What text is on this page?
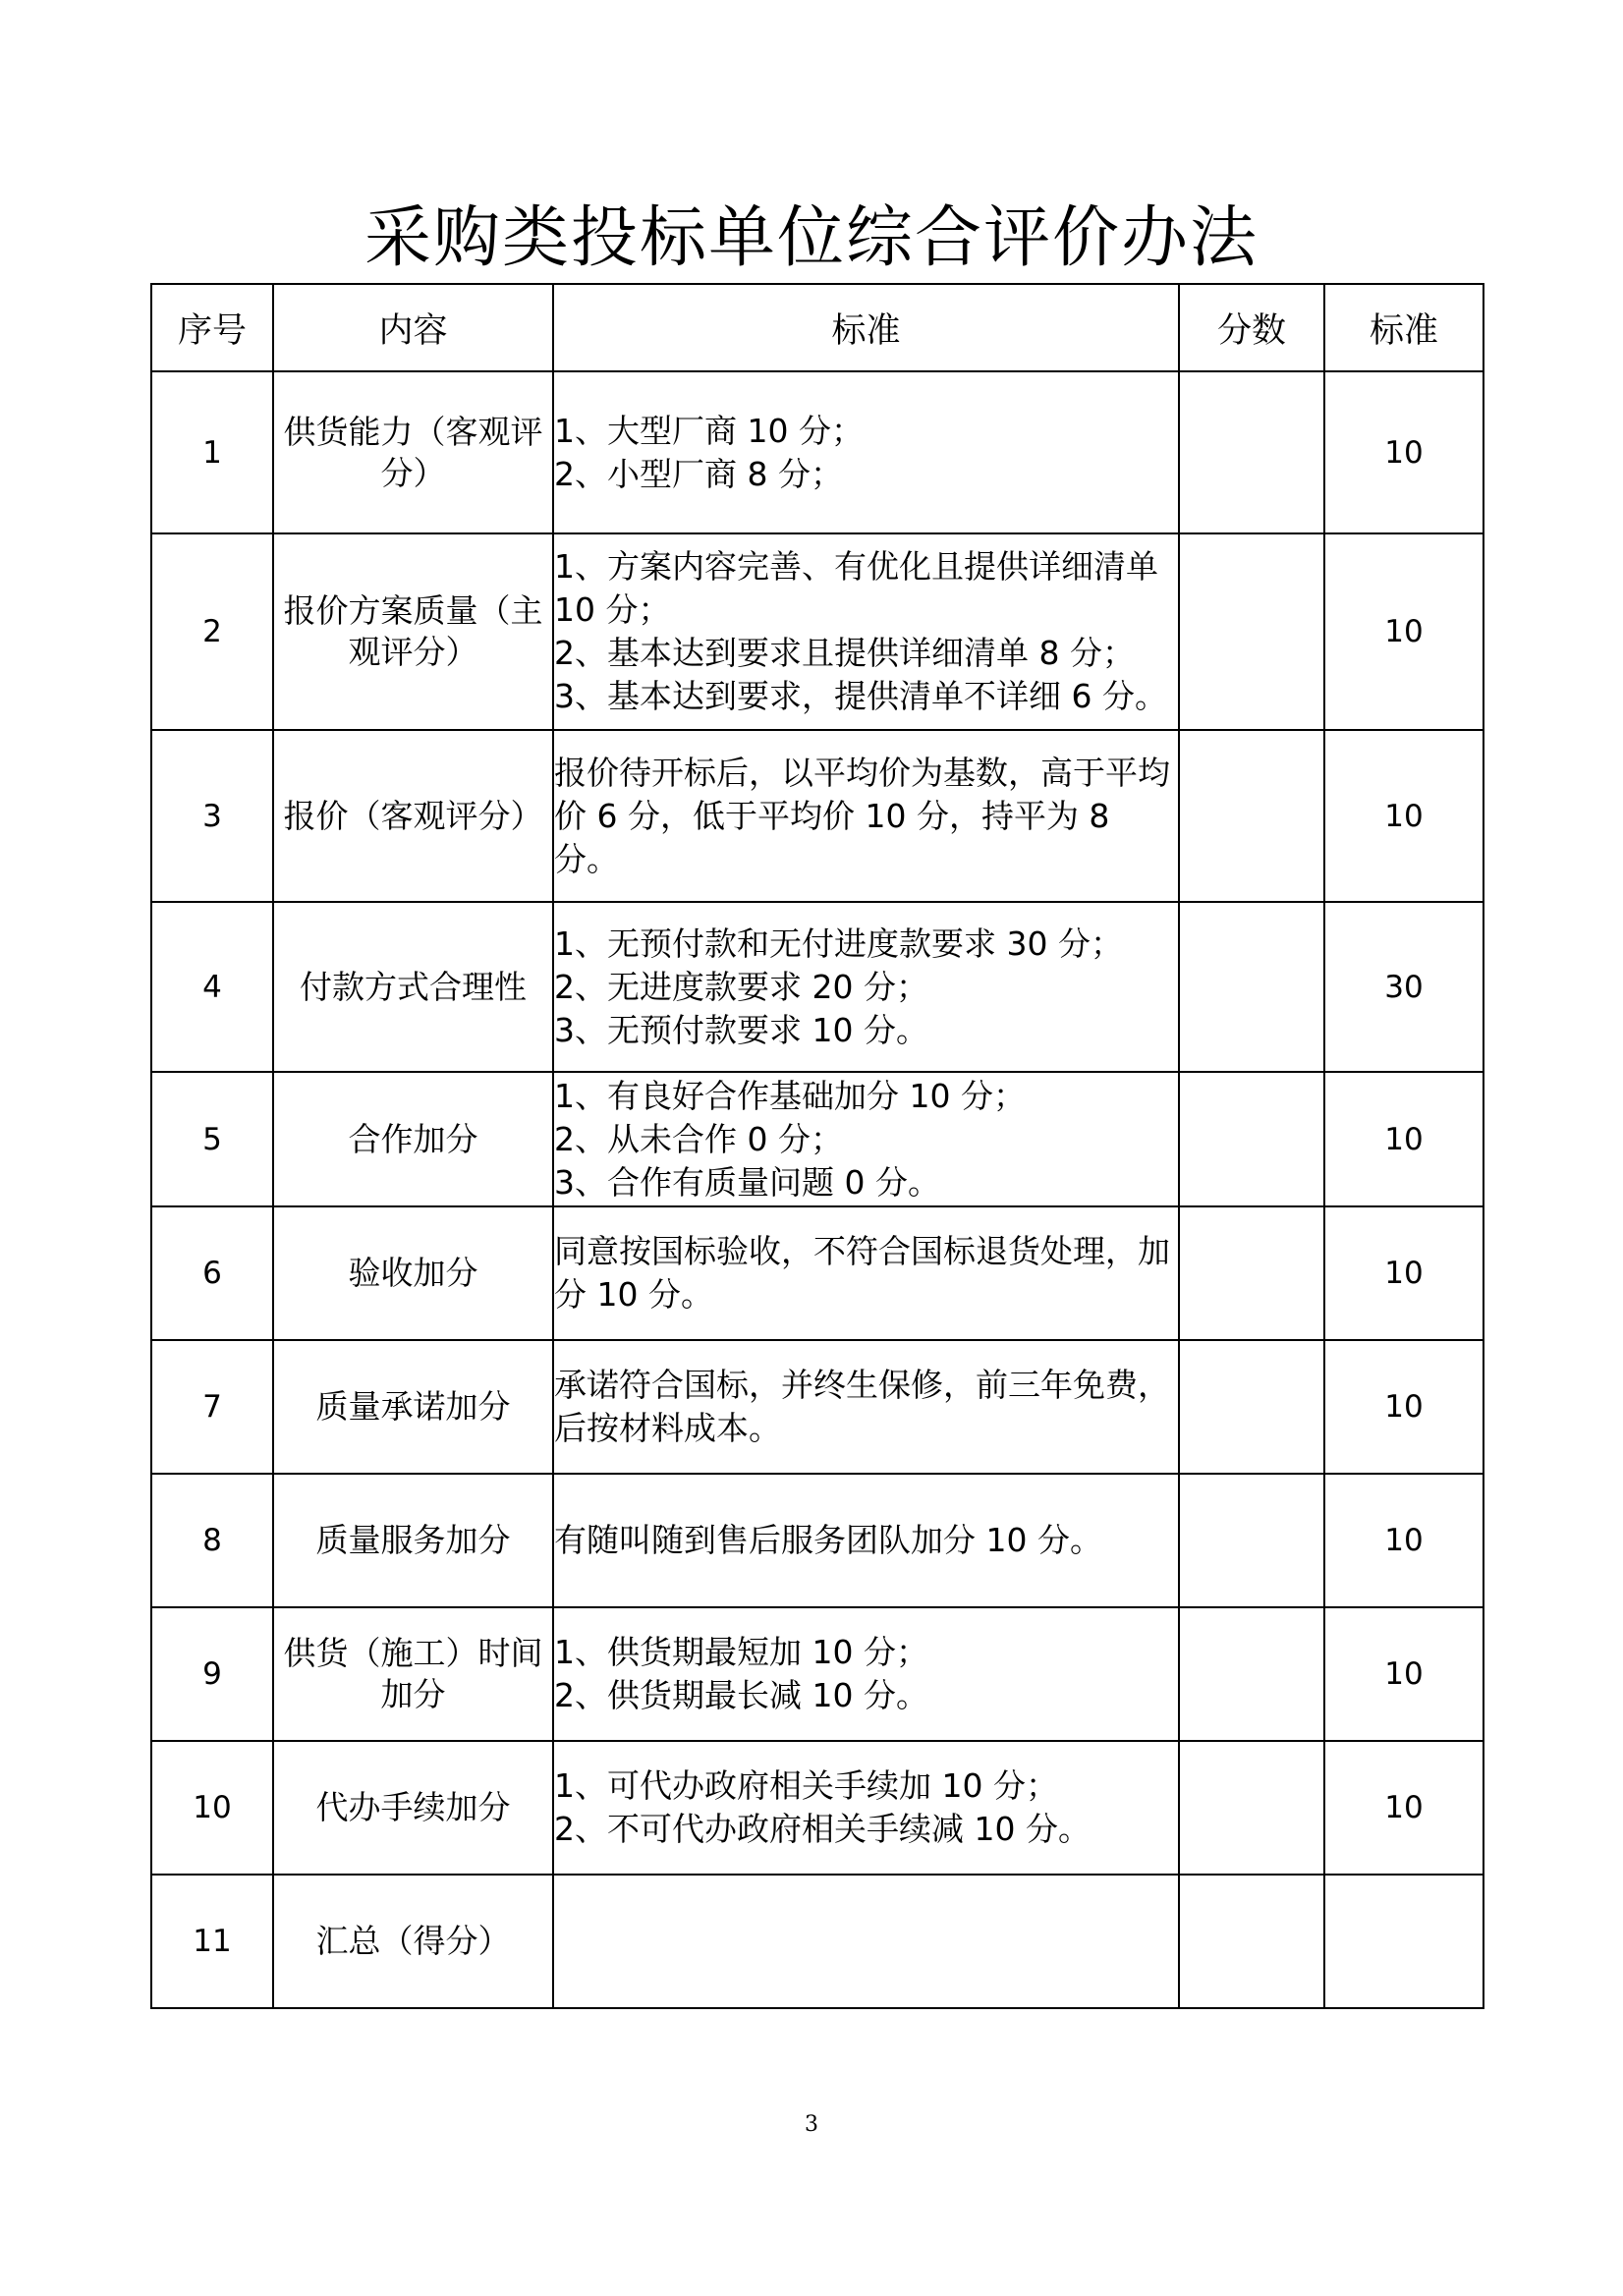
采购类投标单位综合评价办法
序号	内容	标准	分数	标准
1	供货能力（客观评分）	1、大型厂商 10 分；
2、小型厂商 8 分；		10
2	报价方案质量（主观评分）	1、方案内容完善、有优化且提供详细清单 10 分；
2、基本达到要求且提供详细清单 8 分；
3、基本达到要求，提供清单不详细 6 分。		10
3	报价（客观评分）	报价待开标后，以平均价为基数，高于平均价 6 分，低于平均价 10 分，持平为 8 分。		10
4	付款方式合理性	1、无预付款和无付进度款要求 30 分；
2、无进度款要求 20 分；
3、无预付款要求 10 分。		30
5	合作加分	1、有良好合作基础加分 10 分；
2、从未合作 0 分；
3、合作有质量问题 0 分。		10
6	验收加分	同意按国标验收，不符合国标退货处理，加分 10 分。		10
7	质量承诺加分	承诺符合国标，并终生保修，前三年免费，后按材料成本。		10
8	质量服务加分	有随叫随到售后服务团队加分 10 分。		10
9	供货（施工）时间加分	1、供货期最短加 10 分；
2、供货期最长减 10 分。		10
10	代办手续加分	1、可代办政府相关手续加 10 分；
2、不可代办政府相关手续减 10 分。		10
11	汇总（得分）			
3
